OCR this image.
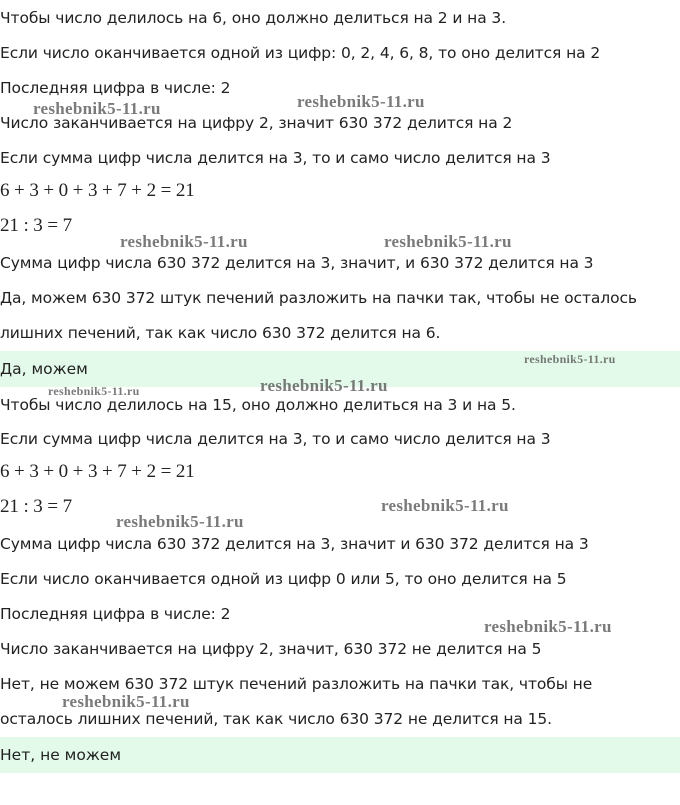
Чтобы число делилось на 6, оно должно делиться на 2 и на 3.
Если число оканчивается одной из цифр: 0, 2, 4, 6, 8, то оно делится на 2
Последняя цифра в числе: 2
Число заканчивается на цифру 2, значит 630 372 делится на 2
Если сумма цифр числа делится на 3, то и само число делится на 3
6 + 3 + 0 + 3 + 7 + 2 = 21
21 : 3 = 7
Сумма цифр числа 630 372 делится на 3, значит, и 630 372 делится на 3
Да, можем 630 372 штук печений разложить на пачки так, чтобы не осталось
лишних печений, так как число 630 372 делится на 6.
Да, можем
Чтобы число делилось на 15, оно должно делиться на 3 и на 5.
Если сумма цифр числа делится на 3, то и само число делится на 3
6 + 3 + 0 + 3 + 7 + 2 = 21
21 : 3 = 7
Сумма цифр числа 630 372 делится на 3, значит и 630 372 делится на 3
Если число оканчивается одной из цифр 0 или 5, то оно делится на 5
Последняя цифра в числе: 2
Число заканчивается на цифру 2, значит, 630 372 не делится на 5
Нет, не можем 630 372 штук печений разложить на пачки так, чтобы не
осталось лишних печений, так как число 630 372 не делится на 15.
Нет, не можем
reshebnik5-11.ru	reshebnik5-11.ru
reshebnik5-11.ru	reshebnik5-11.ru
reshebnik5-11.ru
reshebnik5-11.ru	reshebnik5-11.ru
reshebnik5-11.ru
reshebnik5-11.ru
reshebnik5-11.ru
reshebnik5-11.ru
